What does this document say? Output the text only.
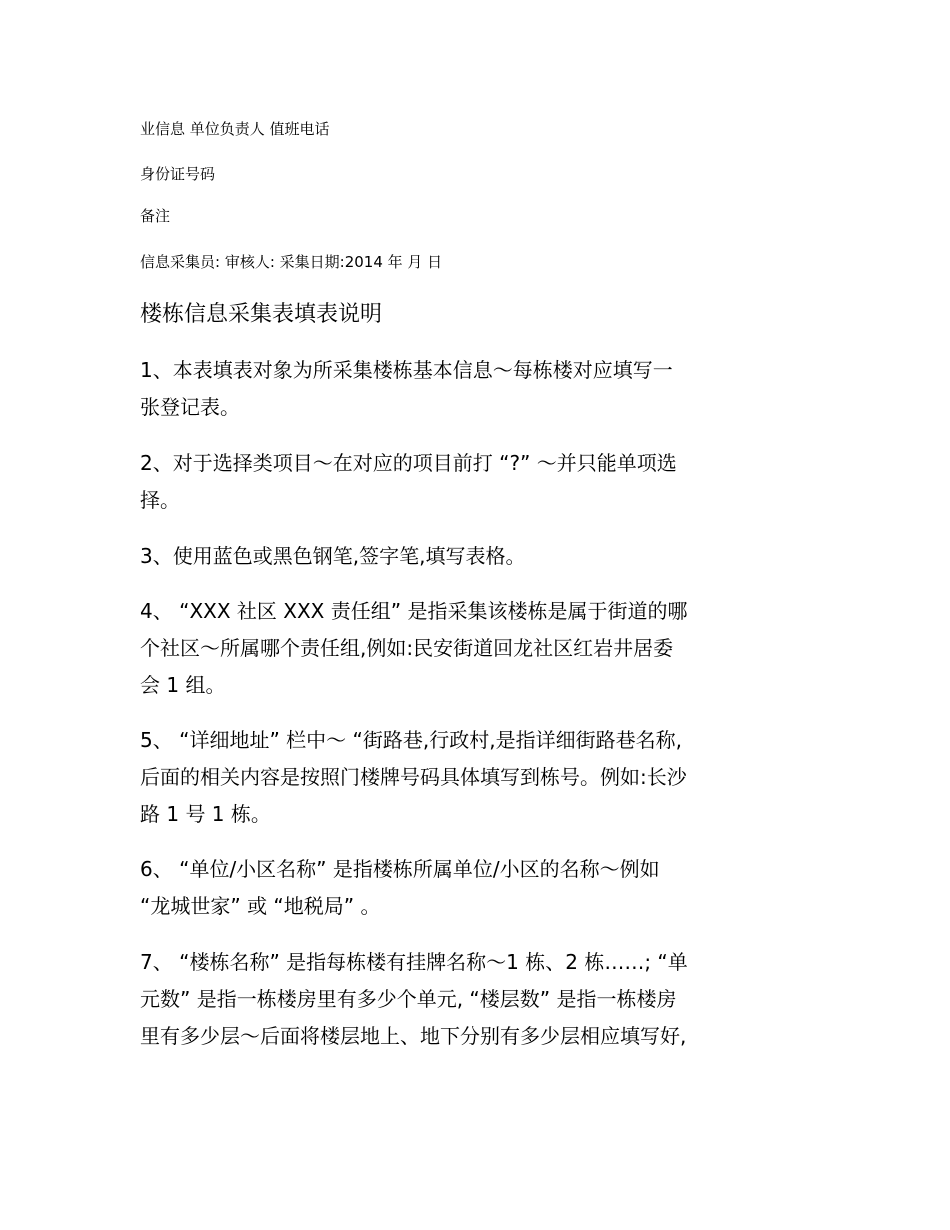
业信息 单位负责人 值班电话
身份证号码
备注
信息采集员: 审核人: 采集日期:2014 年 月 日
楼栋信息采集表填表说明
1、本表填表对象为所采集楼栋基本信息～每栋楼对应填写一
张登记表。
2、对于选择类项目～在对应的项目前打 “?” ～并只能单项选
择。
3、使用蓝色或黑色钢笔,签字笔,填写表格。
4、 “XXX 社区 XXX 责任组” 是指采集该楼栋是属于街道的哪
个社区～所属哪个责任组,例如:民安街道回龙社区红岩井居委
会 1 组。
5、 “详细地址” 栏中～ “街路巷,行政村,是指详细街路巷名称,
后面的相关内容是按照门楼牌号码具体填写到栋号。例如:长沙
路 1 号 1 栋。
6、 “单位/小区名称” 是指楼栋所属单位/小区的名称～例如
“龙城世家” 或 “地税局” 。
7、 “楼栋名称” 是指每栋楼有挂牌名称～1 栋、2 栋……; “单
元数” 是指一栋楼房里有多少个单元, “楼层数” 是指一栋楼房
里有多少层～后面将楼层地上、地下分别有多少层相应填写好,
